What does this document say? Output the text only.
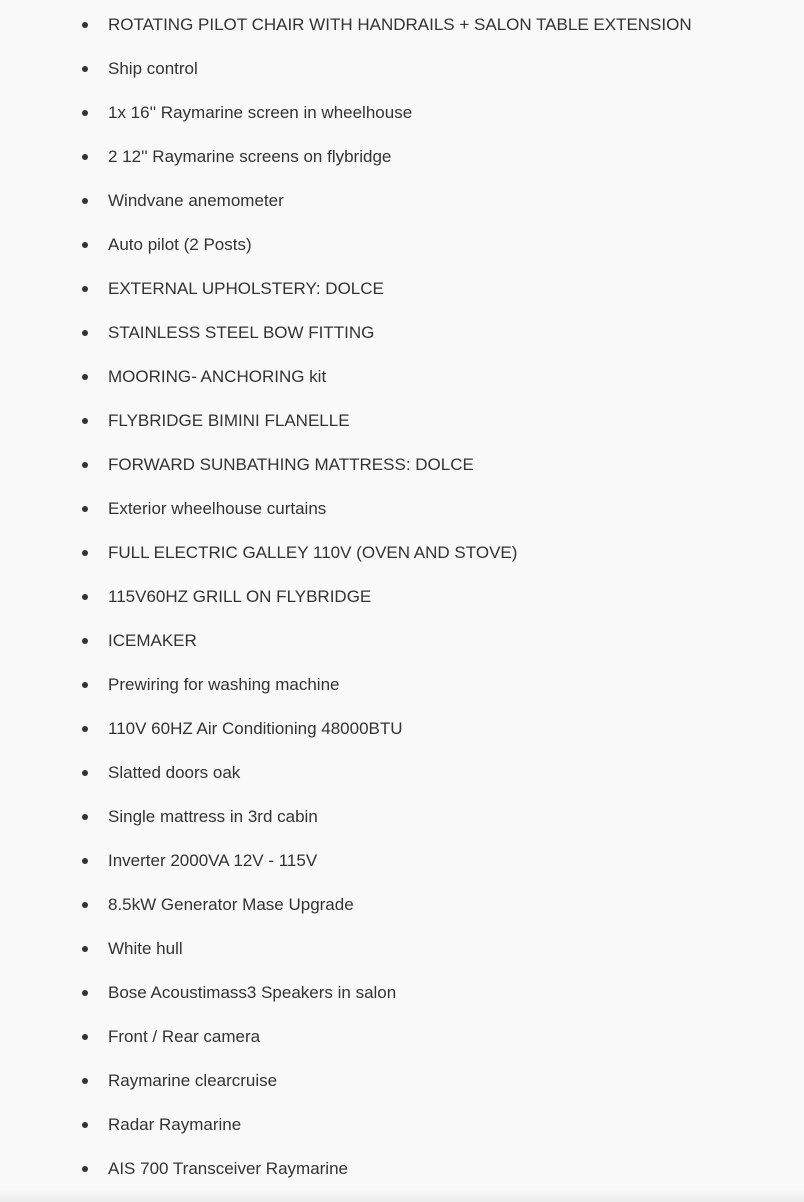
ROTATING PILOT CHAIR WITH HANDRAILS + SALON TABLE EXTENSION
Ship control
1x 16'' Raymarine screen in wheelhouse
2 12'' Raymarine screens on flybridge
Windvane anemometer
Auto pilot (2 Posts)
EXTERNAL UPHOLSTERY: DOLCE
STAINLESS STEEL BOW FITTING
MOORING- ANCHORING kit
FLYBRIDGE BIMINI FLANELLE
FORWARD SUNBATHING MATTRESS: DOLCE
Exterior wheelhouse curtains
FULL ELECTRIC GALLEY 110V (OVEN AND STOVE)
115V60HZ GRILL ON FLYBRIDGE
ICEMAKER
Prewiring for washing machine
110V 60HZ Air Conditioning 48000BTU
Slatted doors oak
Single mattress in 3rd cabin
Inverter 2000VA 12V - 115V
8.5kW Generator Mase Upgrade
White hull
Bose Acoustimass3 Speakers in salon
Front / Rear camera
Raymarine clearcruise
Radar Raymarine
AIS 700 Transceiver Raymarine
